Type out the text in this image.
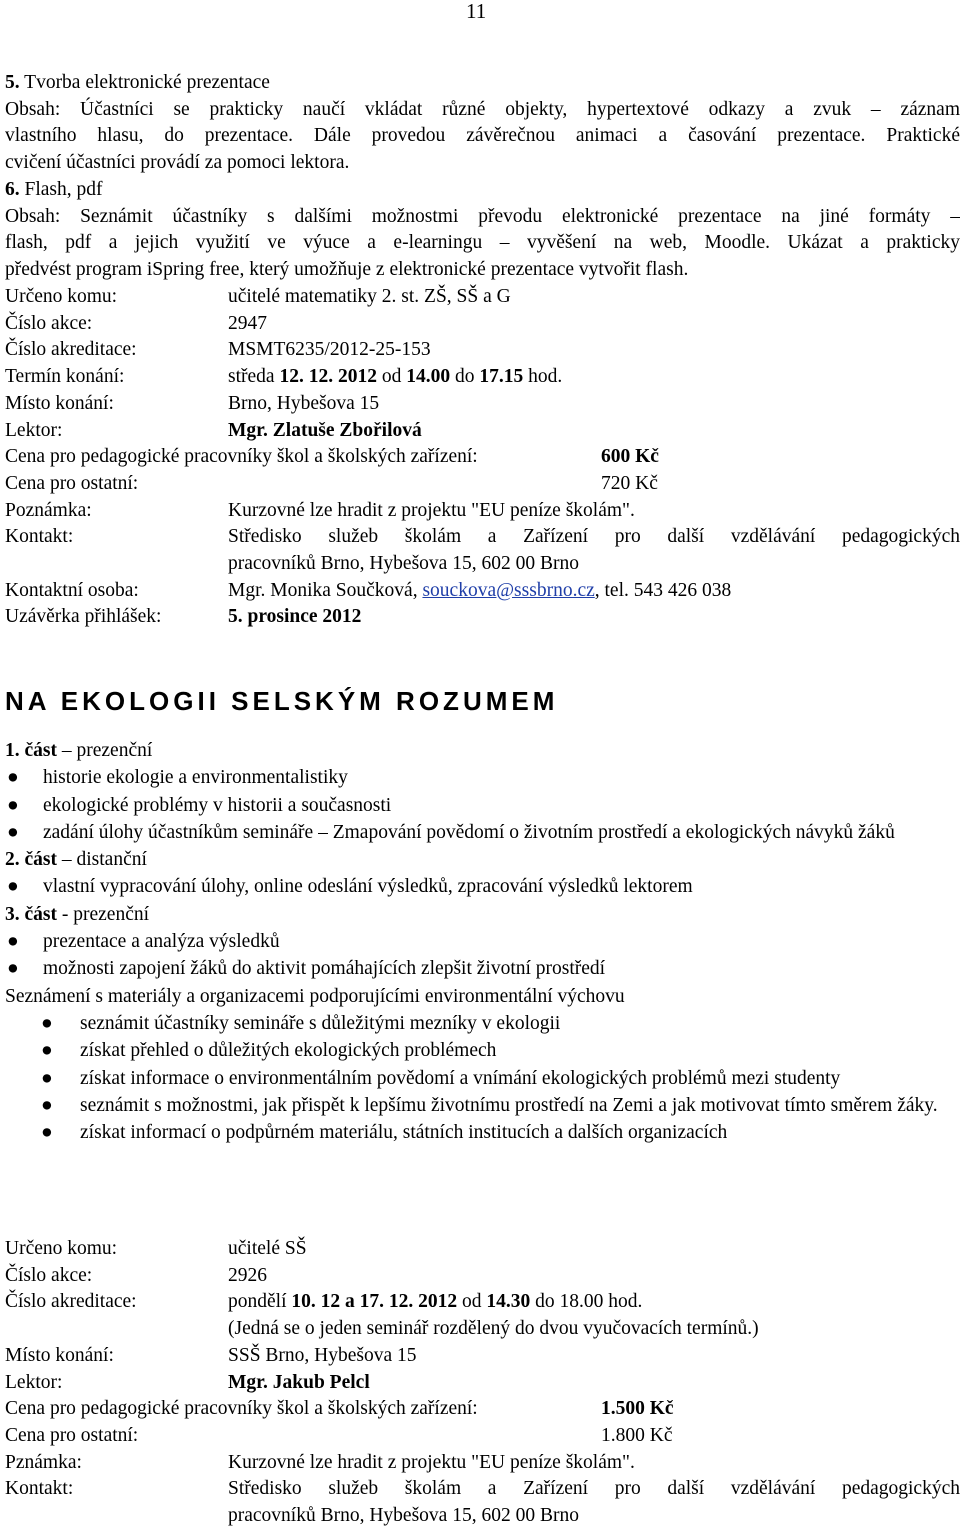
11
5. Tvorba elektronické prezentace
Obsah: Účastníci se prakticky naučí vkládat různé objekty, hypertextové odkazy a zvuk – záznam
vlastního hlasu, do prezentace. Dále provedou závěrečnou animaci a časování prezentace. Praktické
cvičení účastníci provádí za pomoci lektora.
6. Flash, pdf
Obsah: Seznámit účastníky s dalšími možnostmi převodu elektronické prezentace na jiné formáty –
flash, pdf a jejich využití ve výuce a e-learningu – vyvěšení na web, Moodle. Ukázat a prakticky
předvést program iSpring free, který umožňuje z elektronické prezentace vytvořit flash.
Určeno komu:	učitelé matematiky 2. st. ZŠ, SŠ a G
Číslo akce:	2947
Číslo akreditace:	MSMT6235/2012-25-153
Termín konání:	středa 12. 12. 2012 od 14.00 do 17.15 hod.
Místo konání:	Brno, Hybešova 15
Lektor:	Mgr. Zlatuše Zbořilová
Cena pro pedagogické pracovníky škol a školských zařízení:	600 Kč
Cena pro ostatní:	720 Kč
Poznámka:	Kurzovné lze hradit z projektu "EU peníze školám".
Kontakt:	Středisko služeb školám a Zařízení pro další vzdělávání pedagogických
pracovníků Brno, Hybešova 15, 602 00 Brno
Kontaktní osoba:	Mgr. Monika Součková, souckova@sssbrno.cz, tel. 543 426 038
Uzávěrka přihlášek:	5. prosince 2012
NA EKOLOGII SELSKÝM ROZUMEM
1. část – prezenční
●	historie ekologie a environmentalistiky
●	ekologické problémy v historii a současnosti
●	zadání úlohy účastníkům semináře – Zmapování povědomí o životním prostředí a ekologických návyků žáků
2. část – distanční
●	vlastní vypracování úlohy, online odeslání výsledků, zpracování výsledků lektorem
3. část - prezenční
●	prezentace a analýza výsledků
●	možnosti zapojení žáků do aktivit pomáhajících zlepšit životní prostředí
Seznámení s materiály a organizacemi podporujícími environmentální výchovu
●	seznámit účastníky semináře s důležitými mezníky v ekologii
●	získat přehled o důležitých ekologických problémech
●	získat informace o environmentálním povědomí a vnímání ekologických problémů mezi studenty
●	seznámit s možnostmi, jak přispět k lepšímu životnímu prostředí na Zemi a jak motivovat tímto směrem žáky.
●	získat informací o podpůrném materiálu, státních institucích a dalších organizacích
Určeno komu:	učitelé SŠ
Číslo akce:	2926
Číslo akreditace:	pondělí 10. 12 a 17. 12. 2012 od 14.30 do 18.00 hod.
(Jedná se o jeden seminář rozdělený do dvou vyučovacích termínů.)
Místo konání:	SSŠ Brno, Hybešova 15
Lektor:	Mgr. Jakub Pelcl
Cena pro pedagogické pracovníky škol a školských zařízení:	1.500 Kč
Cena pro ostatní:	1.800 Kč
Pznámka:	Kurzovné lze hradit z projektu "EU peníze školám".
Kontakt:	Středisko služeb školám a Zařízení pro další vzdělávání pedagogických
pracovníků Brno, Hybešova 15, 602 00 Brno
